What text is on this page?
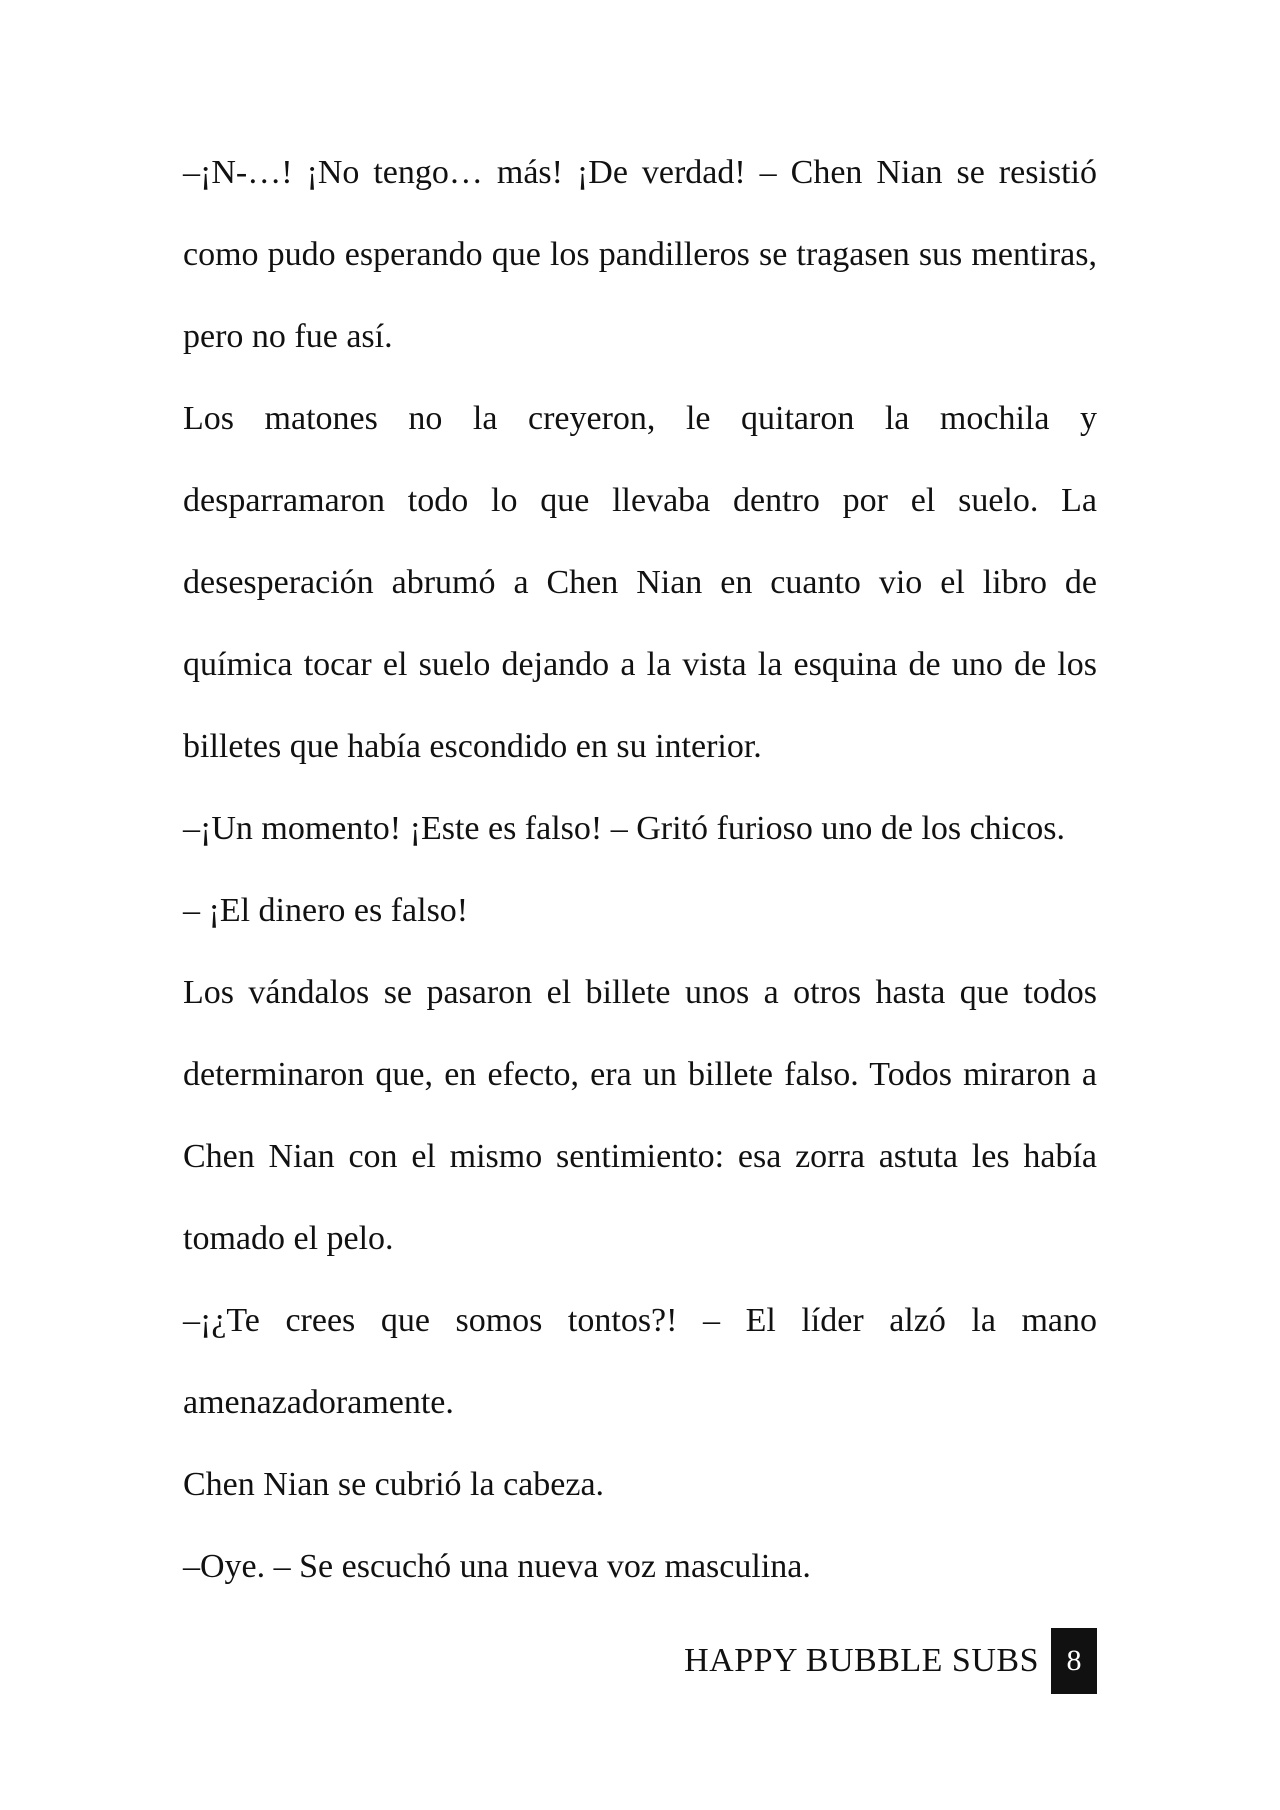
–¡N-…! ¡No tengo… más! ¡De verdad! – Chen Nian se resistió como pudo esperando que los pandilleros se tragasen sus mentiras, pero no fue así.

Los matones no la creyeron, le quitaron la mochila y desparramaron todo lo que llevaba dentro por el suelo. La desesperación abrumó a Chen Nian en cuanto vio el libro de química tocar el suelo dejando a la vista la esquina de uno de los billetes que había escondido en su interior.

–¡Un momento! ¡Este es falso! – Gritó furioso uno de los chicos.

– ¡El dinero es falso!

Los vándalos se pasaron el billete unos a otros hasta que todos determinaron que, en efecto, era un billete falso. Todos miraron a Chen Nian con el mismo sentimiento: esa zorra astuta les había tomado el pelo.

–¡¿Te crees que somos tontos?! – El líder alzó la mano amenazadoramente.

Chen Nian se cubrió la cabeza.

–Oye. – Se escuchó una nueva voz masculina.

HAPPY BUBBLE SUBS 8
